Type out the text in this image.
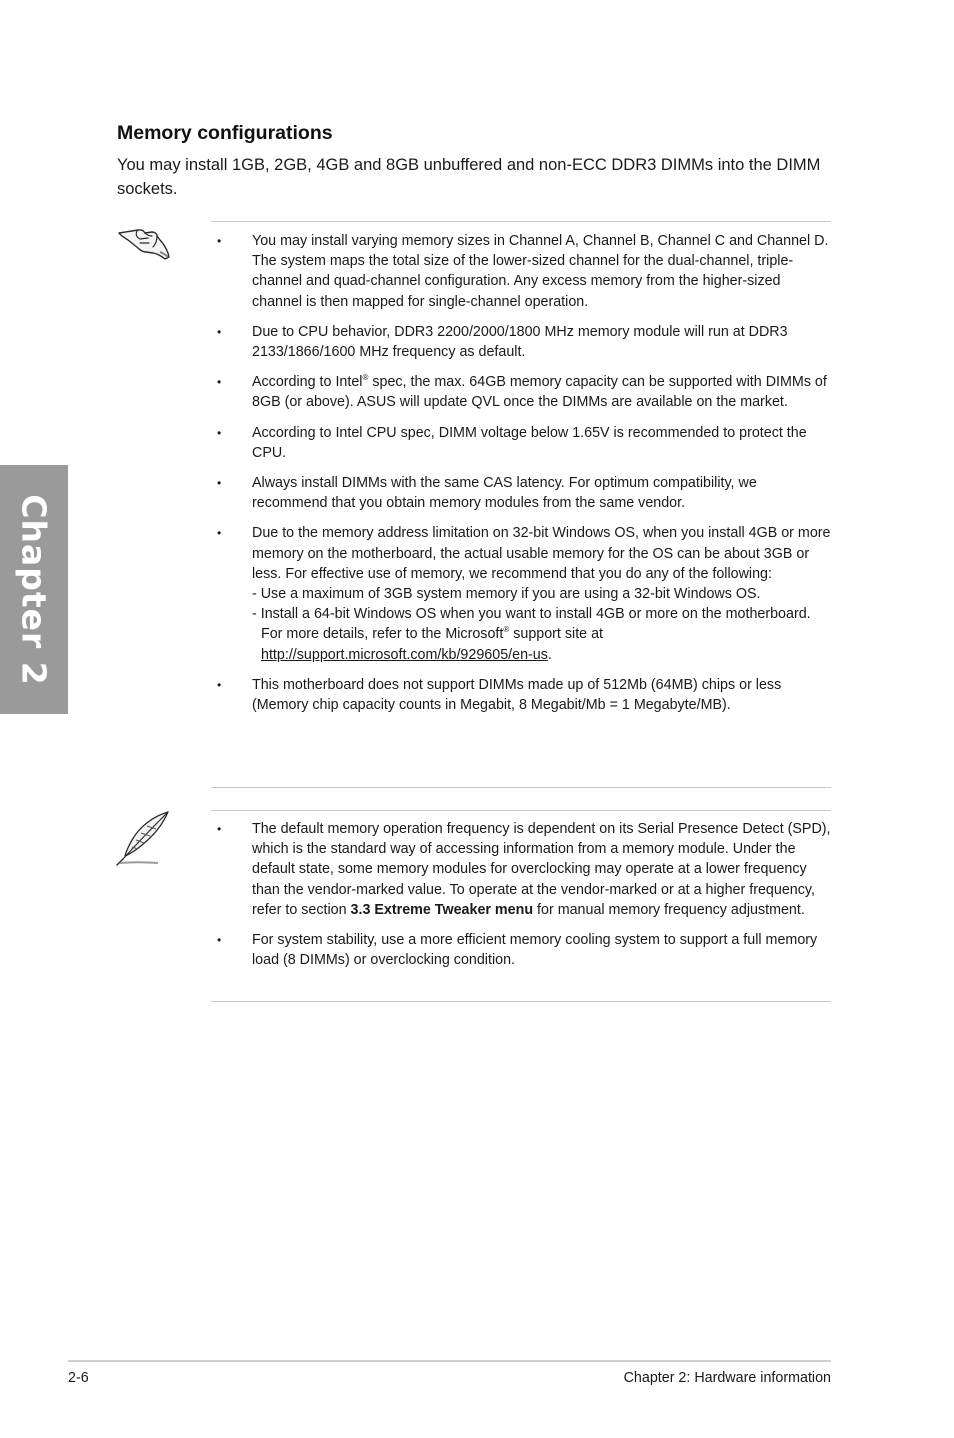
Chapter 2
Memory configurations

You may install 1GB, 2GB, 4GB and 8GB unbuffered and non-ECC DDR3 DIMMs into the DIMM sockets.

• You may install varying memory sizes in Channel A, Channel B, Channel C and Channel D. The system maps the total size of the lower-sized channel for the dual-channel, triple-channel and quad-channel configuration. Any excess memory from the higher-sized channel is then mapped for single-channel operation.
• Due to CPU behavior, DDR3 2200/2000/1800 MHz memory module will run at DDR3 2133/1866/1600 MHz frequency as default.
• According to Intel® spec, the max. 64GB memory capacity can be supported with DIMMs of 8GB (or above). ASUS will update QVL once the DIMMs are available on the market.
• According to Intel CPU spec, DIMM voltage below 1.65V is recommended to protect the CPU.
• Always install DIMMs with the same CAS latency. For optimum compatibility, we recommend that you obtain memory modules from the same vendor.
• Due to the memory address limitation on 32-bit Windows OS, when you install 4GB or more memory on the motherboard, the actual usable memory for the OS can be about 3GB or less. For effective use of memory, we recommend that you do any of the following:
- Use a maximum of 3GB system memory if you are using a 32-bit Windows OS.
- Install a 64-bit Windows OS when you want to install 4GB or more on the motherboard.
For more details, refer to the Microsoft® support site at
http://support.microsoft.com/kb/929605/en-us.
• This motherboard does not support DIMMs made up of 512Mb (64MB) chips or less (Memory chip capacity counts in Megabit, 8 Megabit/Mb = 1 Megabyte/MB).
• The default memory operation frequency is dependent on its Serial Presence Detect (SPD), which is the standard way of accessing information from a memory module. Under the default state, some memory modules for overclocking may operate at a lower frequency than the vendor-marked value. To operate at the vendor-marked or at a higher frequency, refer to section 3.3 Extreme Tweaker menu for manual memory frequency adjustment.
• For system stability, use a more efficient memory cooling system to support a full memory load (8 DIMMs) or overclocking condition.
2-6	Chapter 2: Hardware information
